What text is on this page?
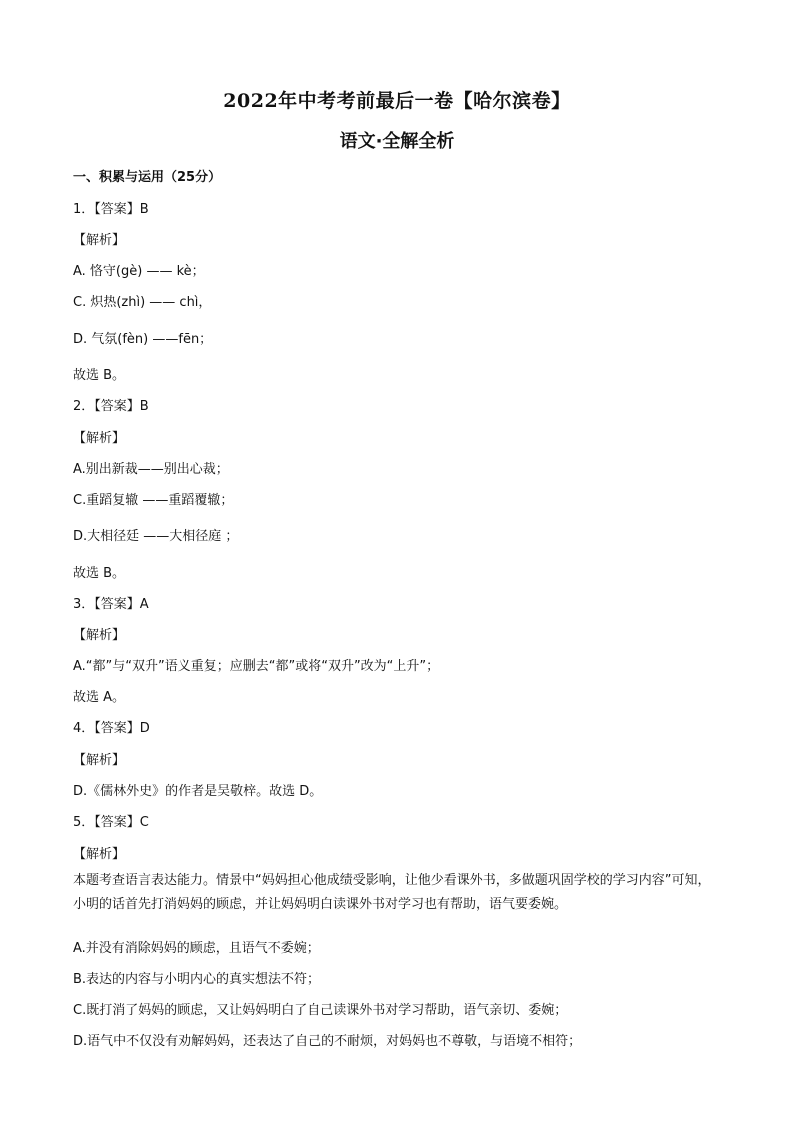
2022年中考考前最后一卷【哈尔滨卷】
语文·全解全析
一、积累与运用（25分）
1．【答案】B
【解析】
A. 恪守(gè) —— kè；
C. 炽热(zhì) —— chì，
D. 气氛(fèn) ——fēn；
故选 B。
2．【答案】B
【解析】
A.别出新裁——别出心裁；
C.重蹈复辙 ——重蹈覆辙；
D.大相径廷 ——大相径庭 ；
故选 B。
3．【答案】A
【解析】
A.“都”与“双升”语义重复；应删去“都”或将“双升”改为“上升”；
故选 A。
4．【答案】D
【解析】
D.《儒林外史》的作者是吴敬梓。故选 D。
5．【答案】C
【解析】
本题考查语言表达能力。情景中“妈妈担心他成绩受影响，让他少看课外书，多做题巩固学校的学习内容”可知，小明的话首先打消妈妈的顾虑，并让妈妈明白读课外书对学习也有帮助，语气要委婉。
A.并没有消除妈妈的顾虑，且语气不委婉；
B.表达的内容与小明内心的真实想法不符；
C.既打消了妈妈的顾虑，又让妈妈明白了自己读课外书对学习帮助，语气亲切、委婉；
D.语气中不仅没有劝解妈妈，还表达了自己的不耐烦，对妈妈也不尊敬，与语境不相符；
